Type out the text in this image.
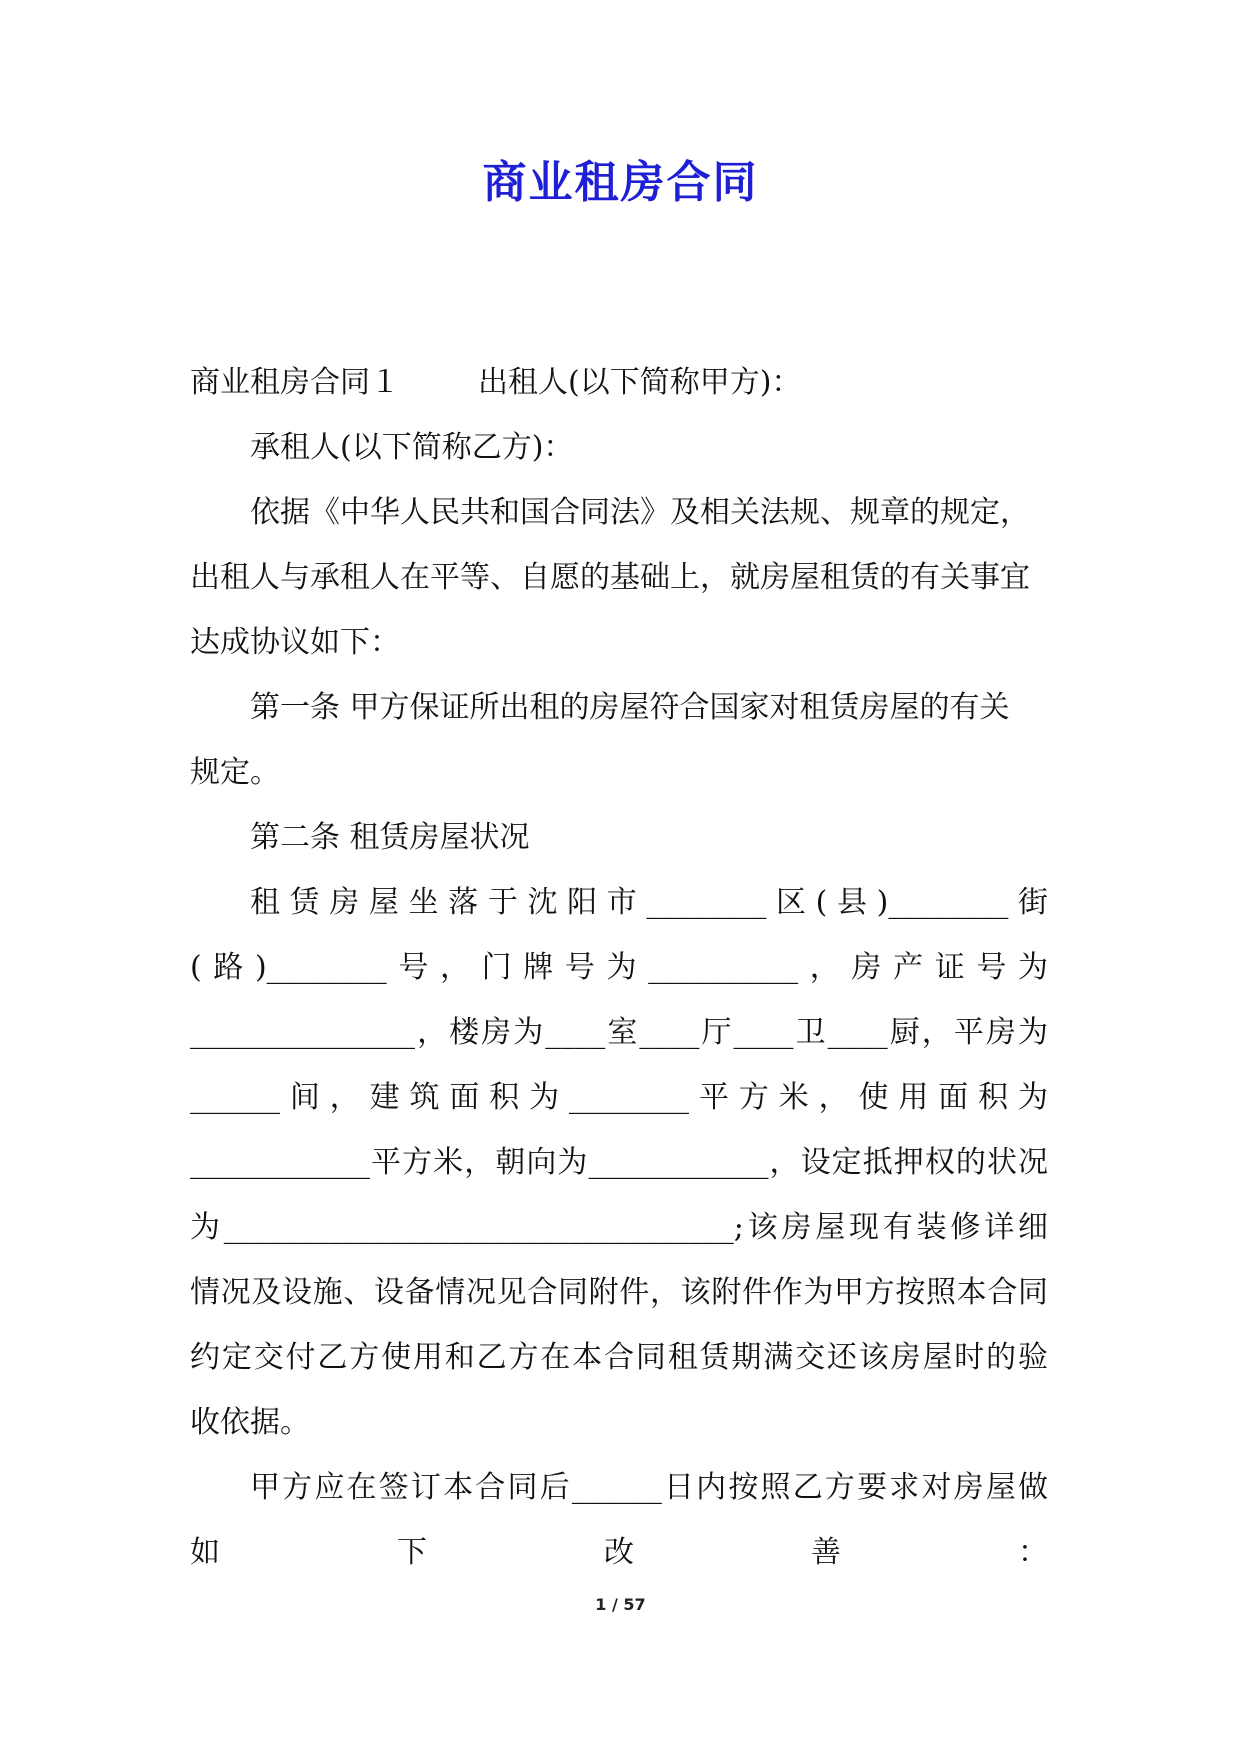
商业租房合同
商业租房合同１	出租人(以下简称甲方)：
承租人(以下简称乙方)：
依据《中华人民共和国合同法》及相关法规、规章的规定，
出租人与承租人在平等、自愿的基础上，就房屋租赁的有关事宜
达成协议如下：
第一条 甲方保证所出租的房屋符合国家对租赁房屋的有关
规定。
第二条 租赁房屋状况
租赁房屋坐落于沈阳市________区(县)________街
(路)________号，门牌号为__________，房产证号为
_______________，楼房为____室____厅____卫____厨，平房为
______间，建筑面积为________平方米，使用面积为
____________平方米，朝向为____________，设定抵押权的状况
为__________________________________;该房屋现有装修详细
情况及设施、设备情况见合同附件，该附件作为甲方按照本合同
约定交付乙方使用和乙方在本合同租赁期满交还该房屋时的验
收依据。
甲方应在签订本合同后______日内按照乙方要求对房屋做
如下改善：
1 / 57
